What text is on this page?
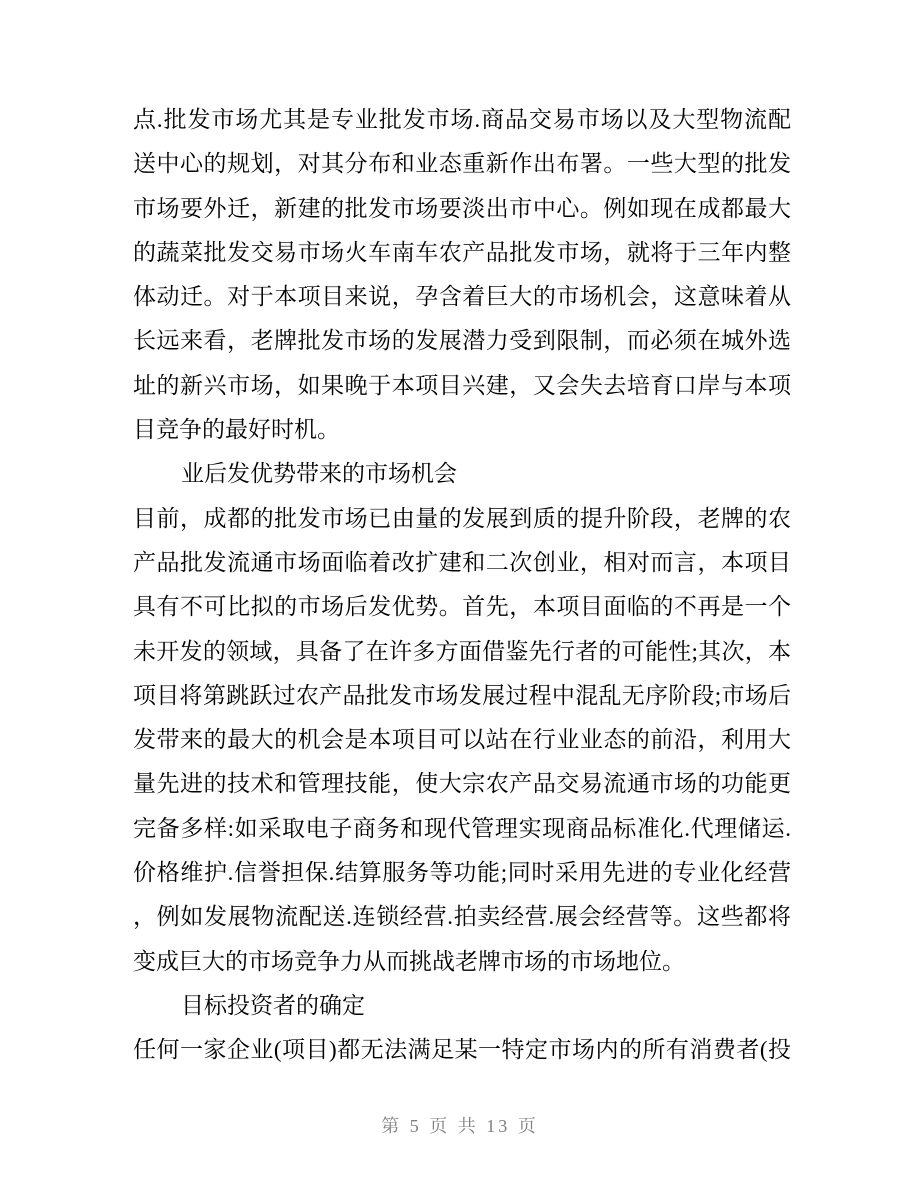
点.批发市场尤其是专业批发市场.商品交易市场以及大型物流配
送中心的规划，对其分布和业态重新作出布署。一些大型的批发
市场要外迁，新建的批发市场要淡出市中心。例如现在成都最大
的蔬菜批发交易市场火车南车农产品批发市场，就将于三年内整
体动迁。对于本项目来说，孕含着巨大的市场机会，这意味着从
长远来看，老牌批发市场的发展潜力受到限制，而必须在城外选
址的新兴市场，如果晚于本项目兴建，又会失去培育口岸与本项
目竞争的最好时机。
业后发优势带来的市场机会
目前，成都的批发市场已由量的发展到质的提升阶段，老牌的农
产品批发流通市场面临着改扩建和二次创业，相对而言，本项目
具有不可比拟的市场后发优势。首先，本项目面临的不再是一个
未开发的领域，具备了在许多方面借鉴先行者的可能性;其次，本
项目将第跳跃过农产品批发市场发展过程中混乱无序阶段;市场后
发带来的最大的机会是本项目可以站在行业业态的前沿，利用大
量先进的技术和管理技能，使大宗农产品交易流通市场的功能更
完备多样:如采取电子商务和现代管理实现商品标准化.代理储运.
价格维护.信誉担保.结算服务等功能;同时采用先进的专业化经营
，例如发展物流配送.连锁经营.拍卖经营.展会经营等。这些都将
变成巨大的市场竞争力从而挑战老牌市场的市场地位。
目标投资者的确定
任何一家企业(项目)都无法满足某一特定市场内的所有消费者(投
第 5 页 共 13 页
